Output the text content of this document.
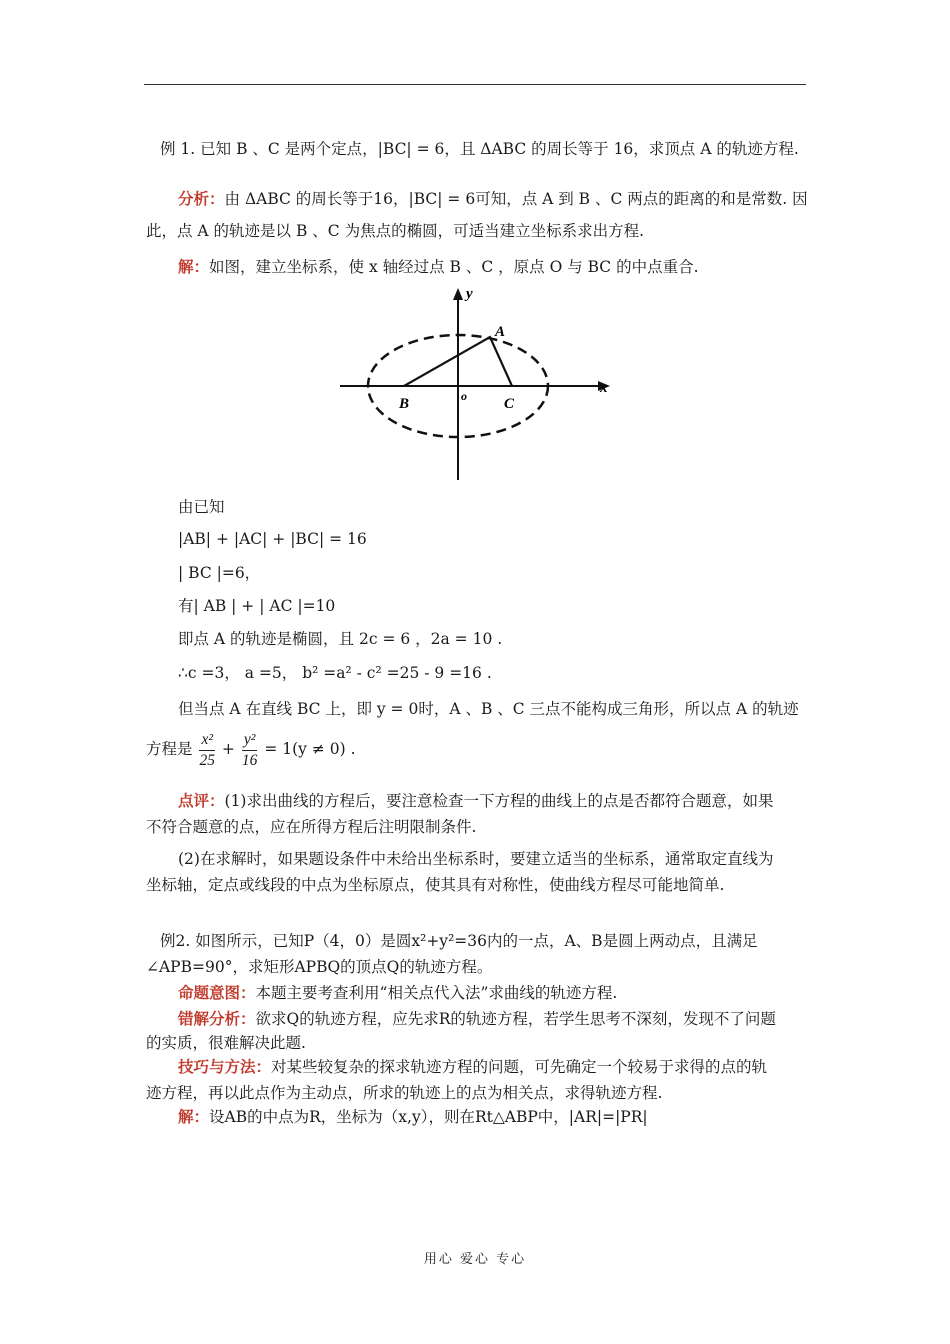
例 1. 已知 B 、C 是两个定点，|BC| = 6，且 ΔABC 的周长等于 16，求顶点 A 的轨迹方程.
分析：由 ΔABC 的周长等于16，|BC| = 6可知，点 A 到 B 、C 两点的距离的和是常数. 因
此，点 A 的轨迹是以 B 、C 为焦点的椭圆，可适当建立坐标系求出方程.
解：如图，建立坐标系，使 x 轴经过点 B 、C ，原点 O 与 BC 的中点重合.
y
x
A
B	C
o
由已知
|AB| + |AC| + |BC| = 16
| BC |=6，
有| AB | + | AC |=10
即点 A 的轨迹是椭圆，且 2c = 6 ，2a = 10 .
∴c =3， a =5， b² =a² - c² =25 - 9 =16 .
但当点 A 在直线 BC 上，即 y = 0时，A 、B 、C 三点不能构成三角形，所以点 A 的轨迹
方程是 $\frac{\text{x²}}{25} + \frac{\text{y²}}{16} = 1(y \ne 0)$ .
点评：(1)求出曲线的方程后，要注意检查一下方程的曲线上的点是否都符合题意，如果
不符合题意的点，应在所得方程后注明限制条件.
(2)在求解时，如果题设条件中未给出坐标系时，要建立适当的坐标系，通常取定直线为
坐标轴，定点或线段的中点为坐标原点，使其具有对称性，使曲线方程尽可能地简单.
例2. 如图所示，已知P（4，0）是圆x²+y²=36内的一点，A、B是圆上两动点，且满足
∠APB=90°，求矩形APBQ的顶点Q的轨迹方程。
命题意图：本题主要考查利用“相关点代入法”求曲线的轨迹方程.
错解分析：欲求Q的轨迹方程，应先求R的轨迹方程，若学生思考不深刻，发现不了问题
的实质，很难解决此题.
技巧与方法：对某些较复杂的探求轨迹方程的问题，可先确定一个较易于求得的点的轨
迹方程，再以此点作为主动点，所求的轨迹上的点为相关点，求得轨迹方程.
解：设AB的中点为R，坐标为（x,y），则在Rt△ABP中，|AR|=|PR|
用心 爱心 专心
